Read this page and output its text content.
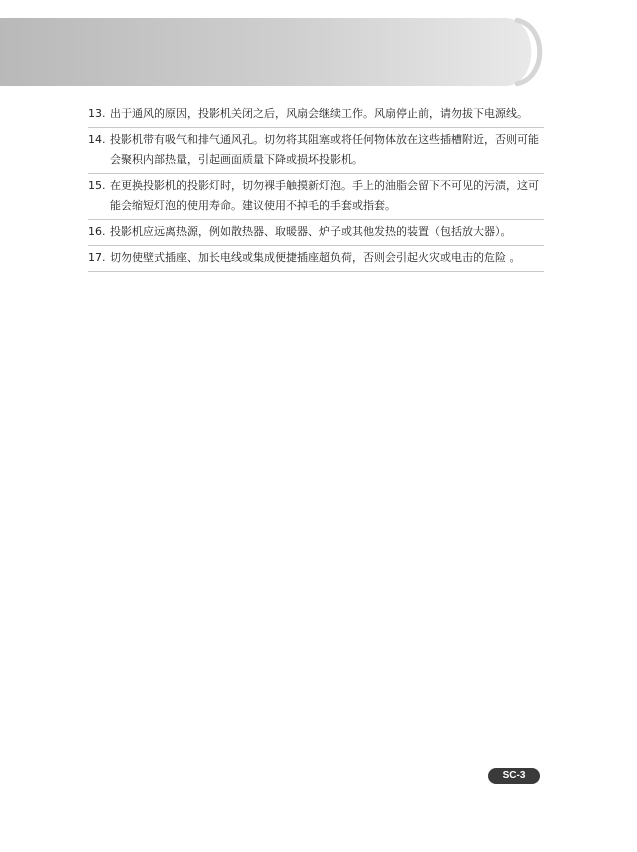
13. 出于通风的原因，投影机关闭之后，风扇会继续工作。风扇停止前，请勿拔下电源线。
14. 投影机带有吸气和排气通风孔。切勿将其阻塞或将任何物体放在这些插槽附近，否则可能会聚积内部热量，引起画面质量下降或损坏投影机。
15. 在更换投影机的投影灯时，切勿裸手触摸新灯泡。手上的油脂会留下不可见的污渍，这可能会缩短灯泡的使用寿命。建议使用不掉毛的手套或指套。
16. 投影机应远离热源，例如散热器、取暖器、炉子或其他发热的装置（包括放大器）。
17. 切勿使壁式插座、加长电线或集成便捷插座超负荷，否则会引起火灾或电击的危险 。
SC-3
